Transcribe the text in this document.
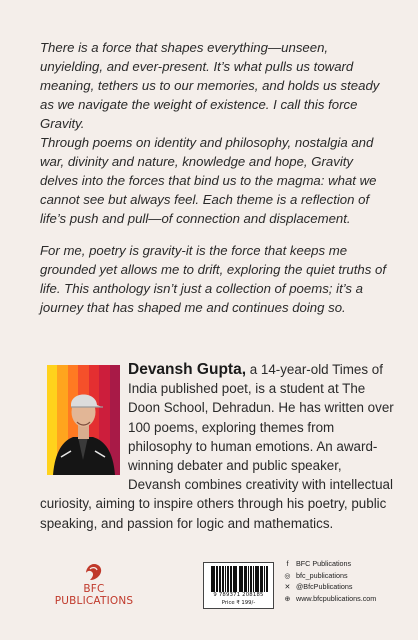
There is a force that shapes everything—unseen, unyielding, and ever-present. It’s what pulls us toward meaning, tethers us to our memories, and holds us steady as we navigate the weight of existence. I call this force Gravity.

Through poems on identity and philosophy, nostalgia and war, divinity and nature, knowledge and hope, Gravity delves into the forces that bind us to the magma: what we cannot see but always feel. Each theme is a reflection of life’s push and pull—of connection and displacement.

For me, poetry is gravity-it is the force that keeps me grounded yet allows me to drift, exploring the quiet truths of life. This anthology isn’t just a collection of poems; it’s a journey that has shaped me and continues doing so.

Devansh Gupta, a 14-year-old Times of India published poet, is a student at The Doon School, Dehradun. He has written over 100 poems, exploring themes from philosophy to human emotions. An award-winning debater and public speaker, Devansh combines creativity with intellectual curiosity, aiming to inspire others through his poetry, public speaking, and passion for logic and mathematics.

BFC PUBLICATIONS	9 789371 208185
Price ₹ 199/-
f	BFC Publications
◎ bfc_publications
✕ @BfcPublications
⊕ www.bfcpublications.com
